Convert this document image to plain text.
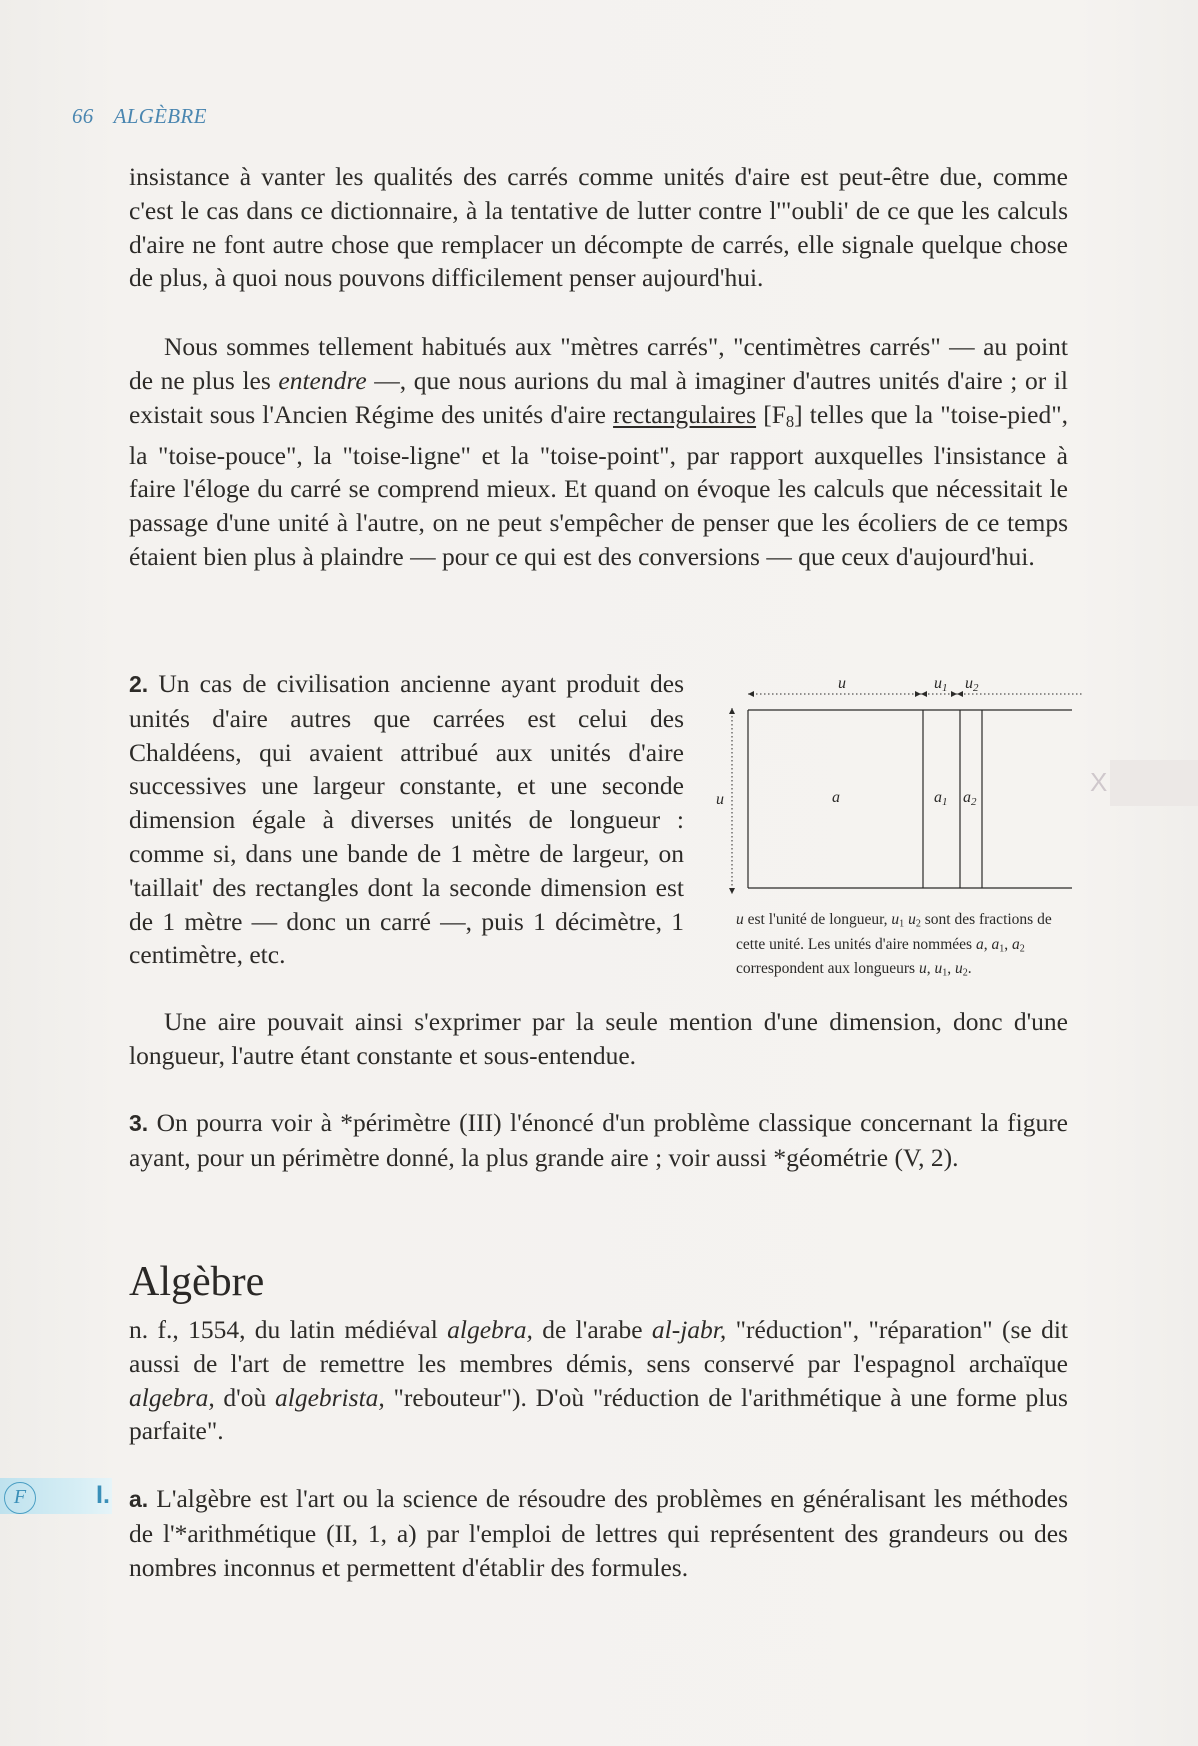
X
66 ALGÈBRE

insistance à vanter les qualités des carrés comme unités d'aire est peut-être due, comme c'est le cas dans ce dictionnaire, à la tentative de lutter contre l'"oubli' de ce que les calculs d'aire ne font autre chose que remplacer un décompte de carrés, elle signale quelque chose de plus, à quoi nous pouvons difficilement penser aujourd'hui.

Nous sommes tellement habitués aux "mètres carrés", "centimètres carrés" — au point de ne plus les entendre —, que nous aurions du mal à imaginer d'autres unités d'aire ; or il existait sous l'Ancien Régime des unités d'aire rectangulaires $[F_8]$ telles que la "toise-pied", la "toise-pouce", la "toise-ligne" et la "toise-point", par rapport auxquelles l'insistance à faire l'éloge du carré se comprend mieux. Et quand on évoque les calculs que nécessitait le passage d'une unité à l'autre, on ne peut s'empêcher de penser que les écoliers de ce temps étaient bien plus à plaindre — pour ce qui est des conversions — que ceux d'aujourd'hui.
2. Un cas de civilisation ancienne ayant produit des unités d'aire autres que carrées est celui des Chaldéens, qui avaient attribué aux unités d'aire successives une largeur constante, et une seconde dimension égale à diverses unités de longueur : comme si, dans une bande de 1 mètre de largeur, on 'taillait' des rectangles dont la seconde dimension est de 1 mètre — donc un carré —, puis 1 décimètre, 1 centimètre, etc.
u	u1 u2
u	a	a1 a2
u est l'unité de longueur, $u_1$ $u_2$ sont des fractions de cette unité. Les unités d'aire nommées a, $a_1$, $a_2$ correspondent aux longueurs u, $u_1$, $u_2$.

Une aire pouvait ainsi s'exprimer par la seule mention d'une dimension, donc d'une longueur, l'autre étant constante et sous-entendue.

3. On pourra voir à *périmètre (III) l'énoncé d'un problème classique concernant la figure ayant, pour un périmètre donné, la plus grande aire ; voir aussi *géométrie (V, 2).
Algèbre
n. f., 1554, du latin médiéval algebra, de l'arabe al-jabr, "réduction", "réparation" (se dit aussi de l'art de remettre les membres démis, sens conservé par l'espagnol archaïque algebra, d'où algebrista, "rebouteur"). D'où "réduction de l'arithmétique à une forme plus parfaite".
F	I. a. L'algèbre est l'art ou la science de résoudre des problèmes en généralisant les méthodes de l'*arithmétique (II, 1, a) par l'emploi de lettres qui représentent des grandeurs ou des nombres inconnus et permettent d'établir des formules.
